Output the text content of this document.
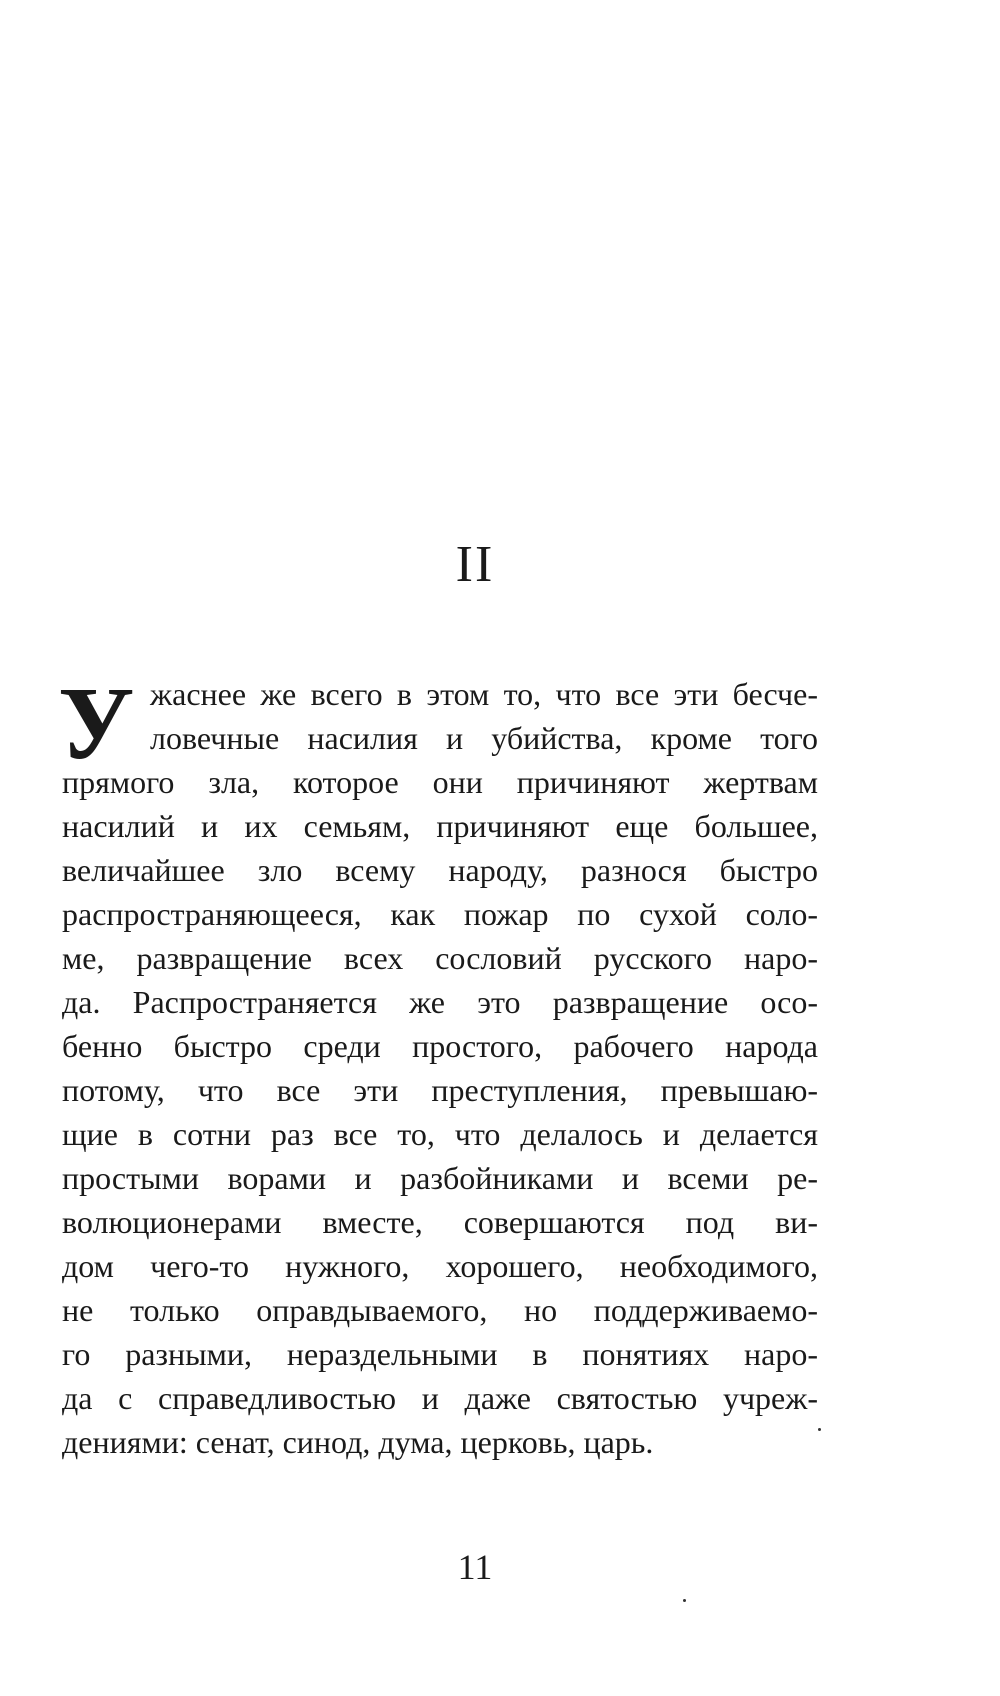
II
У жаснее же всего в этом то, что все эти бесче-
ловечные насилия и убийства, кроме того
прямого зла, которое они причиняют жертвам
насилий и их семьям, причиняют еще большее,
величайшее зло всему народу, разнося быстро
распространяющееся, как пожар по сухой соло-
ме, развращение всех сословий русского наро-
да. Распространяется же это развращение осо-
бенно быстро среди простого, рабочего народа
потому, что все эти преступления, превышаю-
щие в сотни раз все то, что делалось и делается
простыми ворами и разбойниками и всеми ре-
волюционерами вместе, совершаются под ви-
дом чего-то нужного, хорошего, необходимого,
не только оправдываемого, но поддерживаемо-
го разными, нераздельными в понятиях наро-
да с справедливостью и даже святостью учреж-
дениями: сенат, синод, дума, церковь, царь.
11
